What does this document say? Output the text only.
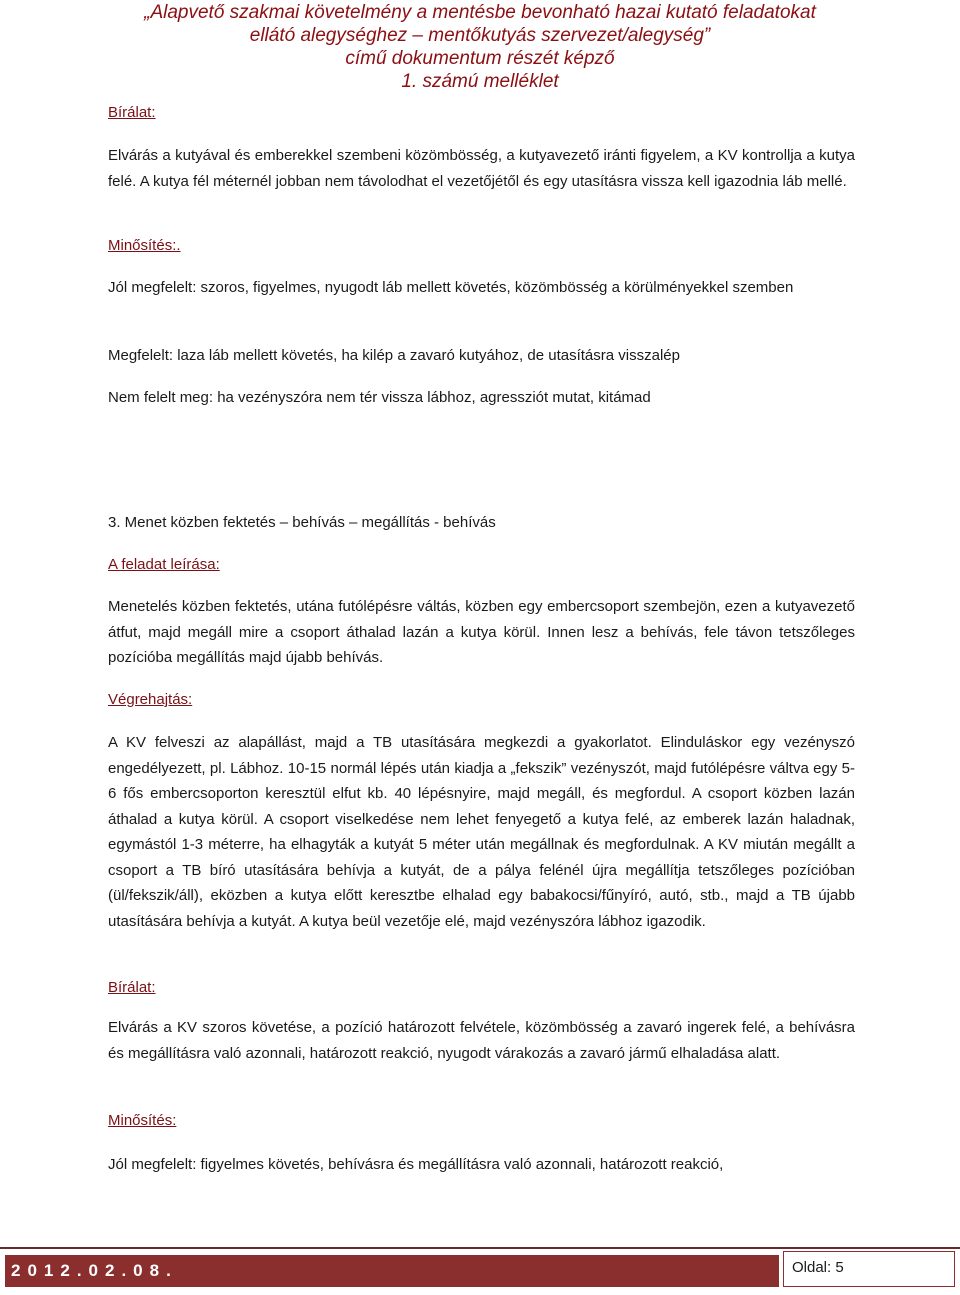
„Alapvető szakmai követelmény a mentésbe bevonható hazai kutató feladatokat
ellátó alegységhez – mentőkutyás szervezet/alegység”
című dokumentum részét képző
1. számú melléklet
Bírálat:

Elvárás a kutyával és emberekkel szembeni közömbösség, a kutyavezető iránti figyelem, a KV kontrollja a kutya felé. A kutya fél méternél jobban nem távolodhat el vezetőjétől és egy utasításra vissza kell igazodnia láb mellé.

Minősítés:.

Jól megfelelt: szoros, figyelmes, nyugodt láb mellett követés, közömbösség a körülményekkel szemben

Megfelelt: laza láb mellett követés, ha kilép a zavaró kutyához, de utasításra visszalép

Nem felelt meg: ha vezényszóra nem tér vissza lábhoz, agressziót mutat, kitámad

3. Menet közben fektetés – behívás – megállítás - behívás

A feladat leírása:

Menetelés közben fektetés, utána futólépésre váltás, közben egy embercsoport szembejön, ezen a kutyavezető átfut, majd megáll mire a csoport áthalad lazán a kutya körül. Innen lesz a behívás, fele távon tetszőleges pozícióba megállítás majd újabb behívás.

Végrehajtás:

A KV felveszi az alapállást, majd a TB utasítására megkezdi a gyakorlatot. Elinduláskor egy vezényszó engedélyezett, pl. Lábhoz. 10-15 normál lépés után kiadja a „fekszik” vezényszót, majd futólépésre váltva egy 5-6 fős embercsoporton keresztül elfut kb. 40 lépésnyire, majd megáll, és megfordul. A csoport közben lazán áthalad a kutya körül. A csoport viselkedése nem lehet fenyegető a kutya felé, az emberek lazán haladnak, egymástól 1-3 méterre, ha elhagyták a kutyát 5 méter után megállnak és megfordulnak. A KV miután megállt a csoport a TB bíró utasítására behívja a kutyát, de a pálya felénél újra megállítja tetszőleges pozícióban (ül/fekszik/áll), eközben a kutya előtt keresztbe elhalad egy babakocsi/fűnyíró, autó, stb., majd a TB újabb utasítására behívja a kutyát. A kutya beül vezetője elé, majd vezényszóra lábhoz igazodik.

Bírálat:

Elvárás a KV szoros követése, a pozíció határozott felvétele, közömbösség a zavaró ingerek felé, a behívásra és megállításra való azonnali, határozott reakció, nyugodt várakozás a zavaró jármű elhaladása alatt.

Minősítés:

Jól megfelelt: figyelmes követés, behívásra és megállításra való azonnali, határozott reakció,

2012.02.08.	Oldal: 5
